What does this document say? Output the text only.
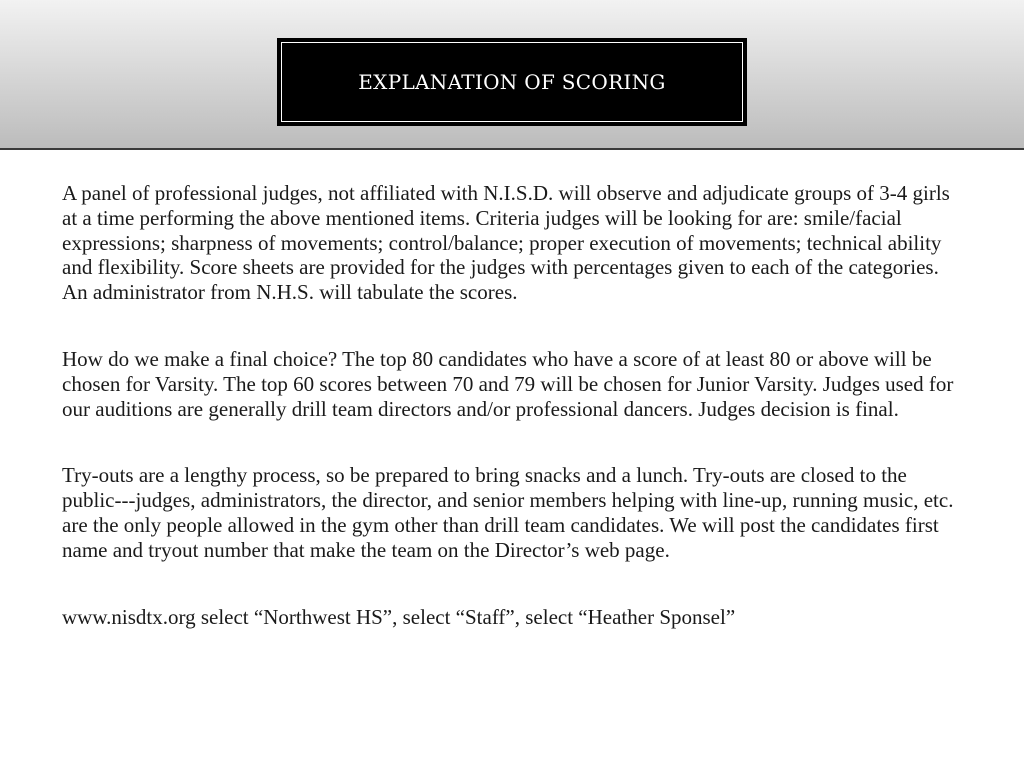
EXPLANATION OF SCORING

A panel of professional judges, not affiliated with N.I.S.D. will observe and adjudicate groups of 3-4 girls at a time performing the above mentioned items. Criteria judges will be looking for are: smile/facial expressions; sharpness of movements; control/balance; proper execution of movements; technical ability and flexibility. Score sheets are provided for the judges with percentages given to each of the categories. An administrator from N.H.S. will tabulate the scores.

How do we make a final choice? The top 80 candidates who have a score of at least 80 or above will be chosen for Varsity. The top 60 scores between 70 and 79 will be chosen for Junior Varsity. Judges used for our auditions are generally drill team directors and/or professional dancers. Judges decision is final.

Try-outs are a lengthy process, so be prepared to bring snacks and a lunch. Try-outs are closed to the public---judges, administrators, the director, and senior members helping with line-up, running music, etc. are the only people allowed in the gym other than drill team candidates. We will post the candidates first name and tryout number that make the team on the Director’s web page.

www.nisdtx.org select “Northwest HS”, select “Staff”, select “Heather Sponsel”
